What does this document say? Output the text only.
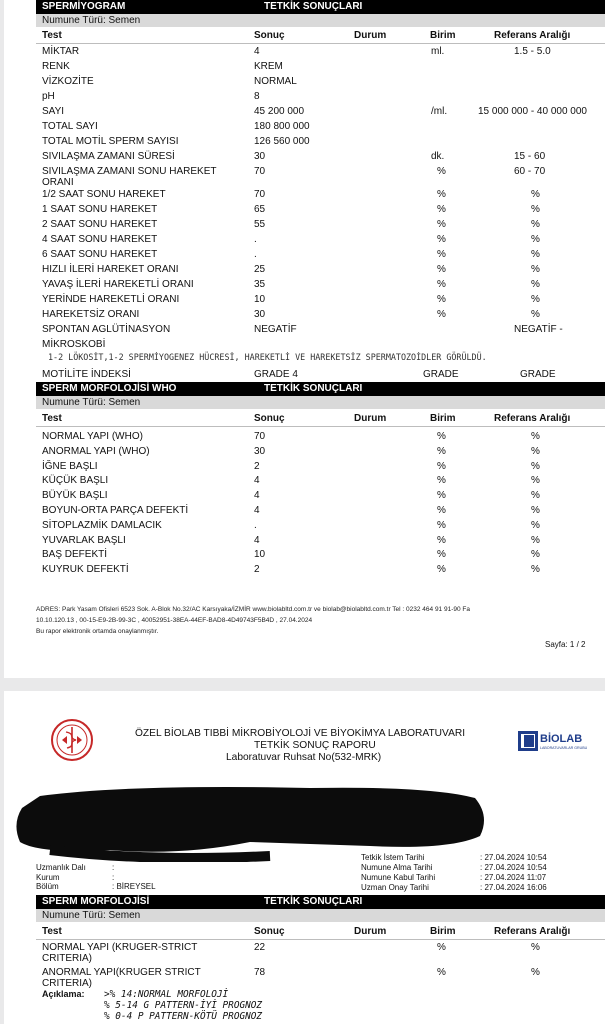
SPERMİYOGRAM	TETKİK SONUÇLARI
Numune Türü: Semen
Test	Sonuç	Durum	Birim	Referans Aralığı
MİKTAR	4	ml.	1.5 - 5.0
RENK	KREM
VİZKOZİTE	NORMAL
pH	8
SAYI	45 200 000	/ml.	15 000 000 - 40 000 000
TOTAL SAYI	180 800 000
TOTAL MOTİL SPERM SAYISI	126 560 000
SIVILAŞMA ZAMANI SÜRESİ	30	dk.	15 - 60
SIVILAŞMA ZAMANI SONU HAREKET
ORANI
70	%	60 - 70
1/2 SAAT SONU HAREKET	70	%	%
1 SAAT SONU HAREKET	65	%	%
2 SAAT SONU HAREKET	55	%	%
4 SAAT SONU HAREKET	.	%	%
6 SAAT SONU HAREKET	.	%	%
HIZLI İLERİ HAREKET ORANI	25	%	%
YAVAŞ İLERİ HAREKETLİ ORANI	35	%	%
YERİNDE HAREKETLİ ORANI	10	%	%
HAREKETSİZ ORANI	30	%	%
SPONTAN AGLÜTİNASYON	NEGATİF	NEGATİF -
MİKROSKOBİ
1-2 LÖKOSİT,1-2 SPERMİYOGENEZ HÜCRESİ, HAREKETLİ VE HAREKETSİZ SPERMATOZOİDLER GÖRÜLDÜ.
MOTİLİTE İNDEKSİ	GRADE 4	GRADE	GRADE
SPERM MORFOLOJİSİ WHO	TETKİK SONUÇLARI
Numune Türü: Semen
Test	Sonuç	Durum	Birim	Referans Aralığı
NORMAL YAPI (WHO)	70	%	%
ANORMAL YAPI (WHO)	30	%	%
İĞNE BAŞLI	2	%	%
KÜÇÜK BAŞLI	4	%	%
BÜYÜK BAŞLI	4	%	%
BOYUN-ORTA PARÇA DEFEKTİ	4	%	%
SİTOPLAZMİK DAMLACIK	.	%	%
YUVARLAK BAŞLI	4	%	%
BAŞ DEFEKTİ	10	%	%
KUYRUK DEFEKTİ	2	%	%
ADRES: Park Yasam Ofisleri 6523 Sok. A-Blok No.32/AC Karsıyaka/İZMİR www.biolabltd.com.tr ve biolab@biolabltd.com.tr Tel : 0232 464 91 91-90 Fa
10.10.120.13 , 00-15-E9-2B-99-3C , 40052951-38EA-44EF-BAD8-4D49743F5B4D , 27.04.2024
Bu rapor elektronik ortamda onaylanmıştır.
Sayfa: 1 / 2
ÖZEL BİOLAB TIBBİ MİKROBİYOLOJİ VE BİYOKİMYA LABORATUVARI
TETKİK SONUÇ RAPORU
Laboratuvar Ruhsat No(532-MRK)
BİOLAB
LABORATUVARLAR GRUBU
Uzmanlık Dalı	:
Kurum	:
Bölüm	: BİREYSEL
Tetkik İstem Tarihi	: 27.04.2024 10:54
Numune Alma Tarihi	: 27.04.2024 10:54
Numune Kabul Tarihi	: 27.04.2024 11:07
Uzman Onay Tarihi	: 27.04.2024 16:06
SPERM MORFOLOJİSİ	TETKİK SONUÇLARI
Numune Türü: Semen
Test	Sonuç	Durum	Birim	Referans Aralığı
NORMAL YAPI (KRUGER-STRICT
CRITERIA)
22	%	%
ANORMAL YAPI(KRUGER STRICT
CRITERIA)
78	%	%
Açıklama: >% 14:NORMAL MORFOLOJİ
% 5-14 G PATTERN-İYİ PROGNOZ
% 0-4 P PATTERN-KÖTÜ PROGNOZ
